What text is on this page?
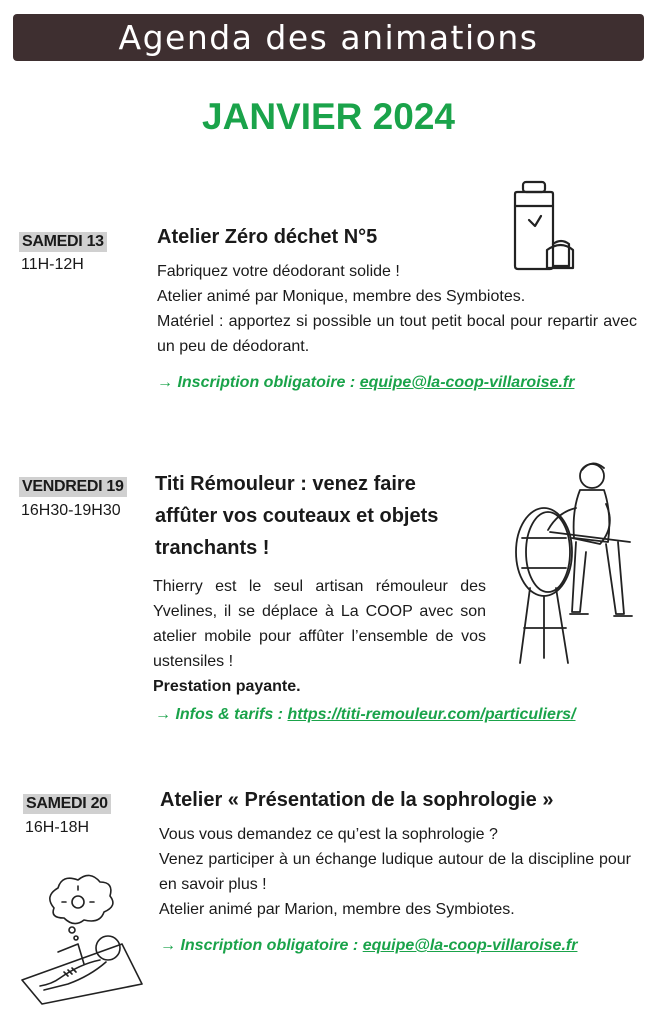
Agenda des animations
JANVIER 2024
SAMEDI 13
11H-12H
Atelier Zéro déchet N°5
Fabriquez votre déodorant solide !
Atelier animé par Monique, membre des Symbiotes.
Matériel : apportez si possible un tout petit bocal pour repartir avec un peu de déodorant.
→ Inscription obligatoire : equipe@la-coop-villaroise.fr
VENDREDI 19
16H30-19H30
Titi Rémouleur : venez faire
affûter vos couteaux et objets
tranchants !
Thierry est le seul artisan rémouleur des Yvelines, il se déplace à La COOP avec son atelier mobile pour affûter l’ensemble de vos ustensiles !
Prestation payante.
→ Infos & tarifs : https://titi-remouleur.com/particuliers/
SAMEDI 20
16H-18H
Atelier « Présentation de la sophrologie »
Vous vous demandez ce qu’est la sophrologie ?
Venez participer à un échange ludique autour de la discipline pour en savoir plus !
Atelier animé par Marion, membre des Symbiotes.
→ Inscription obligatoire : equipe@la-coop-villaroise.fr
